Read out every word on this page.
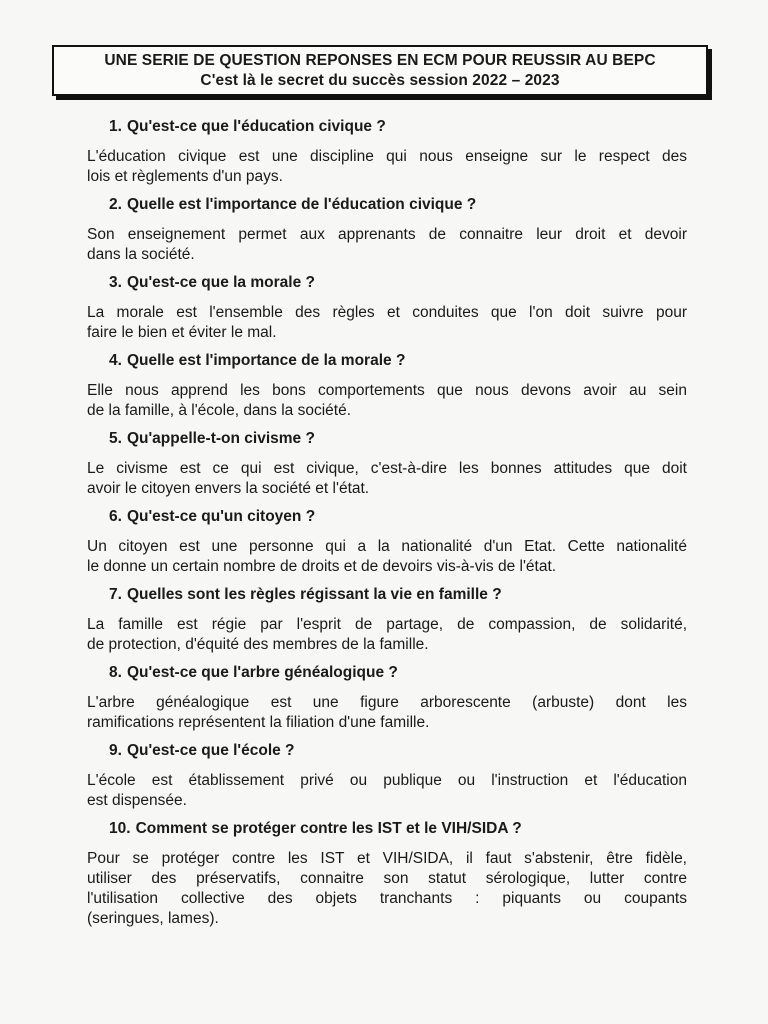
UNE SERIE DE QUESTION REPONSES EN ECM POUR REUSSIR AU BEPC
C'est là le secret du succès session 2022 – 2023
1. Qu'est-ce que l'éducation civique ?
L'éducation civique est une discipline qui nous enseigne sur le respect des
lois et règlements d'un pays.
2. Quelle est l'importance de l'éducation civique ?
Son enseignement permet aux apprenants de connaitre leur droit et devoir
dans la société.
3. Qu'est-ce que la morale ?
La morale est l'ensemble des règles et conduites que l'on doit suivre pour
faire le bien et éviter le mal.
4. Quelle est l'importance de la morale ?
Elle nous apprend les bons comportements que nous devons avoir au sein
de la famille, à l'école, dans la société.
5. Qu'appelle-t-on civisme ?
Le civisme est ce qui est civique, c'est-à-dire les bonnes attitudes que doit
avoir le citoyen envers la société et l'état.
6. Qu'est-ce qu'un citoyen ?
Un citoyen est une personne qui a la nationalité d'un Etat. Cette nationalité
le donne un certain nombre de droits et de devoirs vis-à-vis de l'état.
7. Quelles sont les règles régissant la vie en famille ?
La famille est régie par l'esprit de partage, de compassion, de solidarité,
de protection, d'équité des membres de la famille.
8. Qu'est-ce que l'arbre généalogique ?
L'arbre généalogique est une figure arborescente (arbuste) dont les
ramifications représentent la filiation d'une famille.
9. Qu'est-ce que l'école ?
L'école est établissement privé ou publique ou l'instruction et l'éducation
est dispensée.
10. Comment se protéger contre les IST et le VIH/SIDA ?
Pour se protéger contre les IST et VIH/SIDA, il faut s'abstenir, être fidèle,
utiliser des préservatifs, connaitre son statut sérologique, lutter contre
l'utilisation collective des objets tranchants : piquants ou coupants
(seringues, lames).
